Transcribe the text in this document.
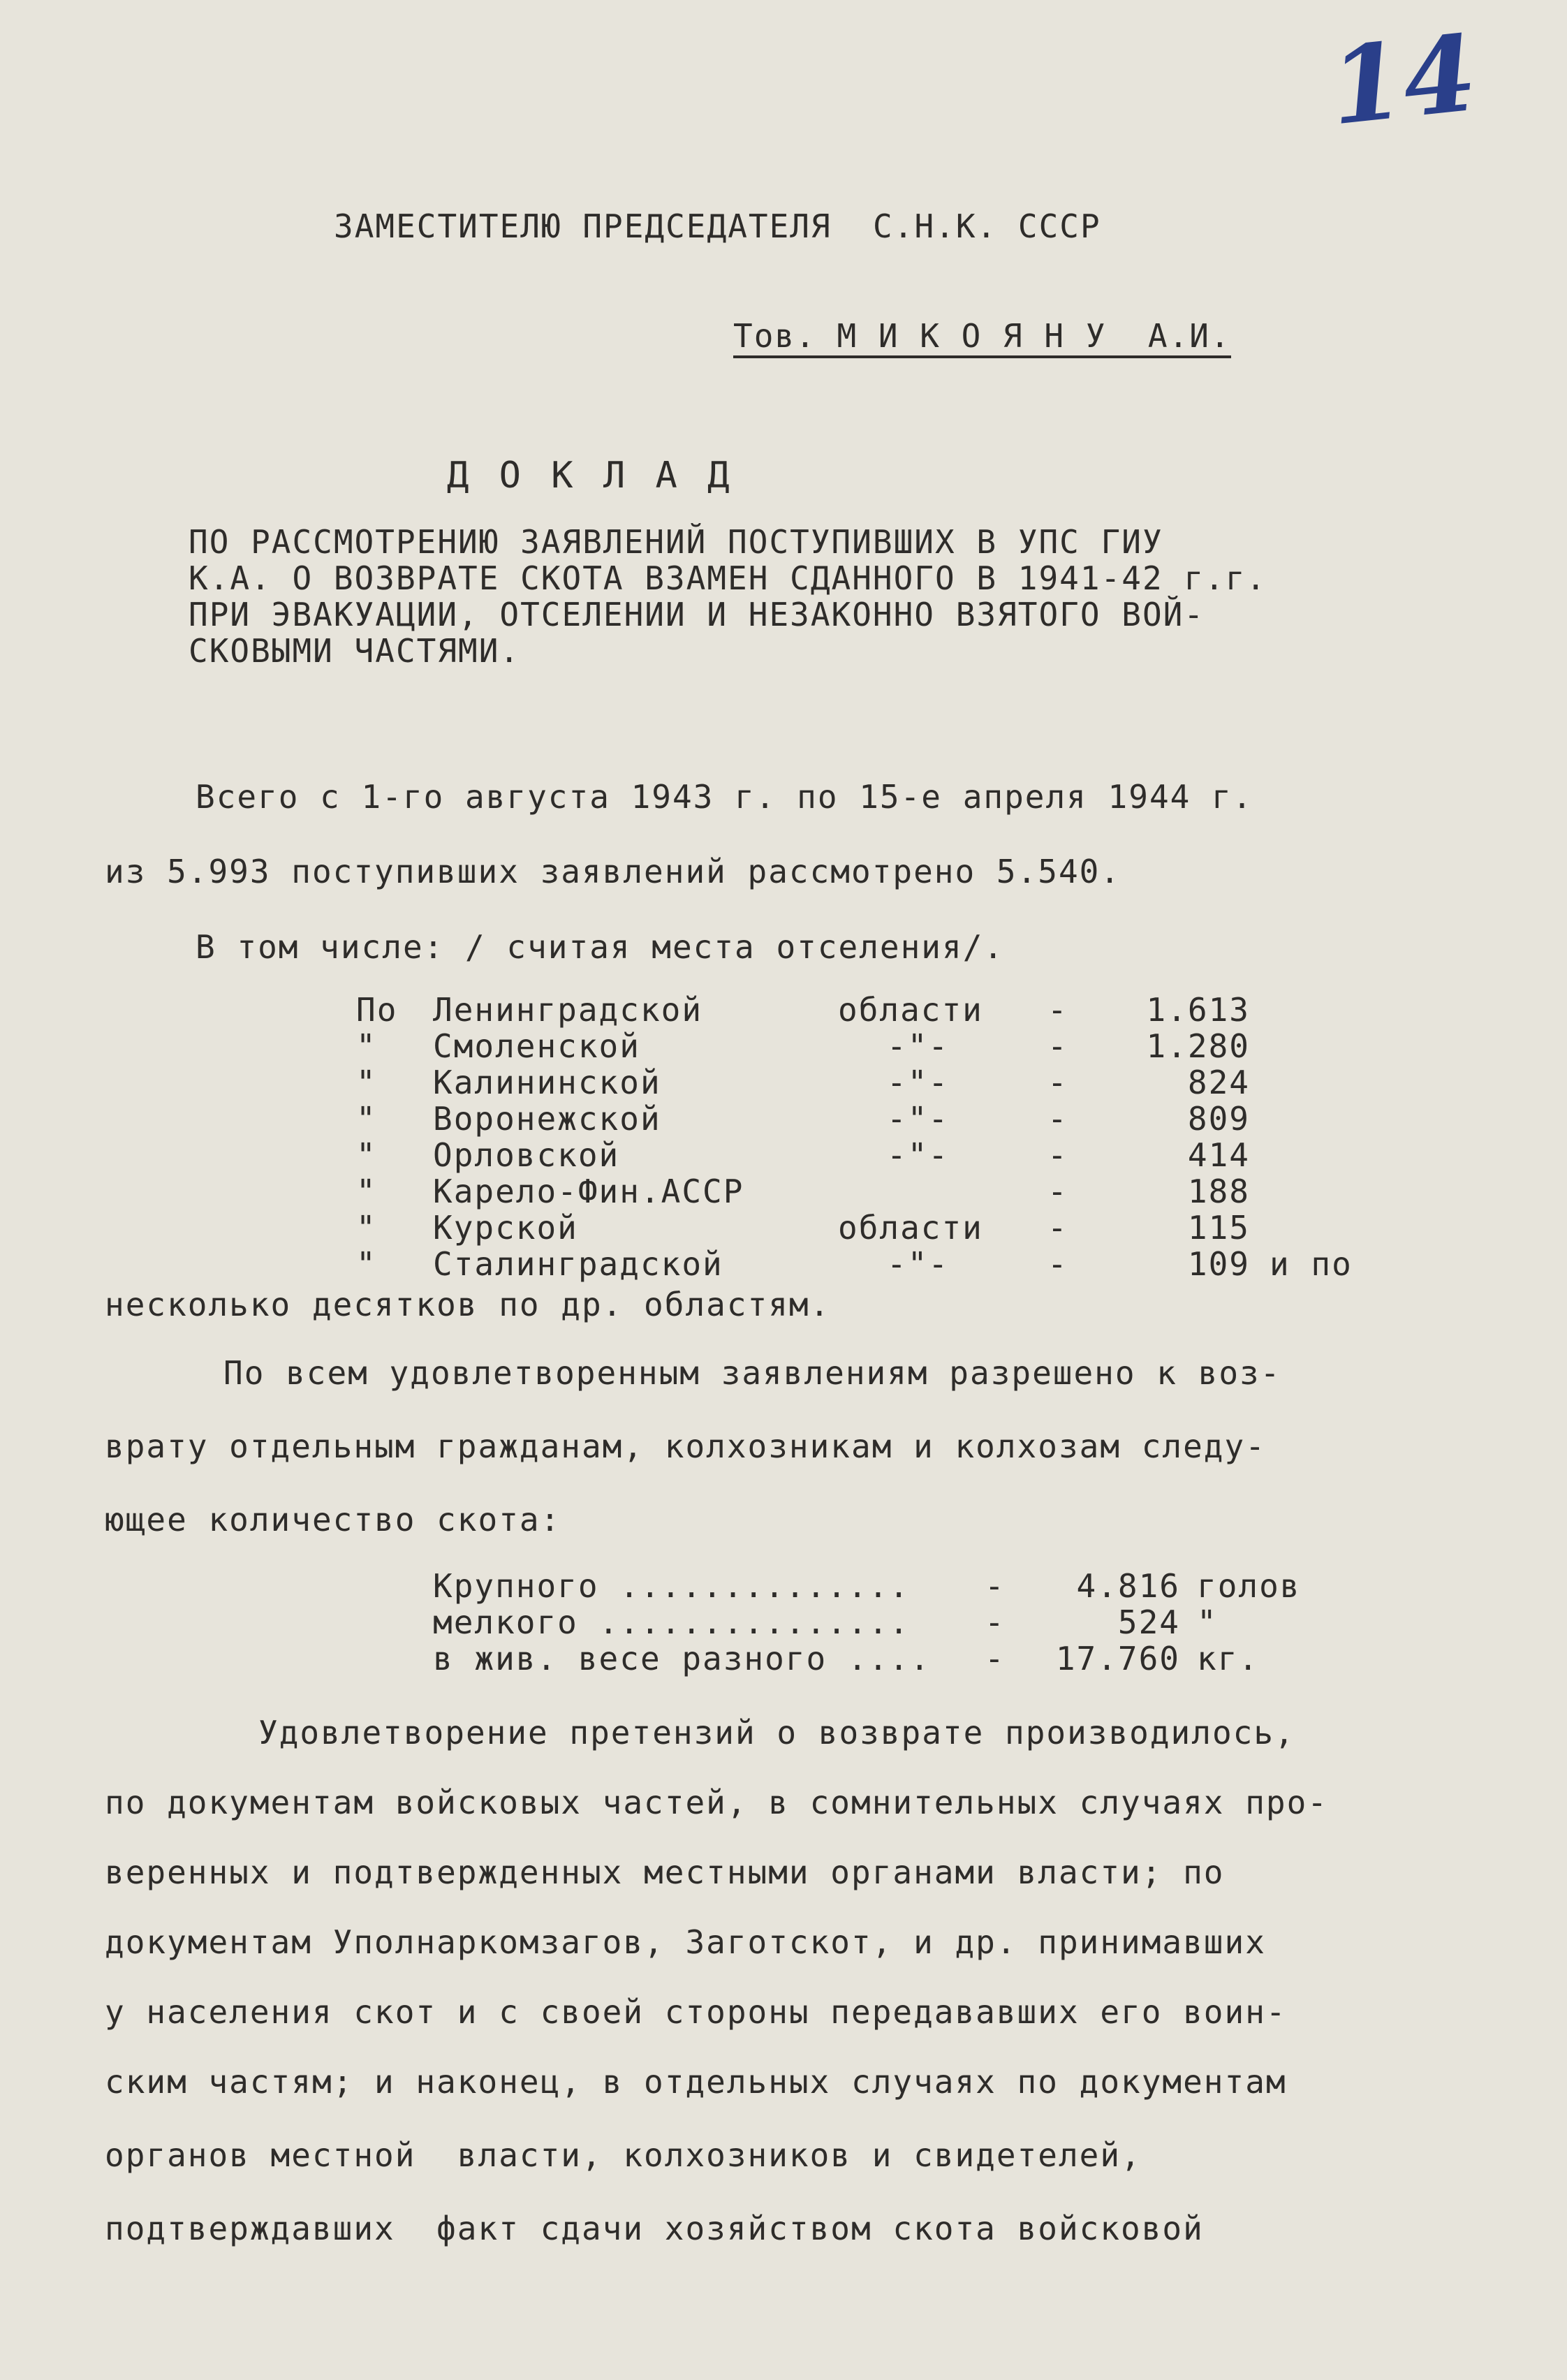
14
ЗАМЕСТИТЕЛЮ ПРЕДСЕДАТЕЛЯ  С.Н.К. СССР
Тов. М И К О Я Н У  А.И.
Д О К Л А Д
ПО РАССМОТРЕНИЮ ЗАЯВЛЕНИЙ ПОСТУПИВШИХ В УПС ГИУ
К.А. О ВОЗВРАТЕ СКОТА ВЗАМЕН СДАННОГО В 1941-42 г.г.
ПРИ ЭВАКУАЦИИ, ОТСЕЛЕНИИ И НЕЗАКОННО ВЗЯТОГО ВОЙ-
СКОВЫМИ ЧАСТЯМИ.
Всего с 1-го августа 1943 г. по 15-е апреля 1944 г.
из 5.993 поступивших заявлений рассмотрено 5.540.
В том числе: / считая места отселения/.
По	Ленинградской	области	-	1.613	
"	Смоленской	-"-	-	1.280	
"	Калининской	-"-	-	824	
"	Воронежской	-"-	-	809	
"	Орловской	-"-	-	414	
"	Карело-Фин.АССР		-	188	
"	Курской	области	-	115	
"	Сталинградской	-"-	-	109	и по
несколько десятков по др. областям.
По всем удовлетворенным заявлениям разрешено к воз-
врату отдельным гражданам, колхозникам и колхозам следу-
ющее количество скота:
Крупного ..............	-	4.816	голов
мелкого ...............	-	524	"
в жив. весе разного ....	-	17.760	кг.
Удовлетворение претензий о возврате производилось,
по документам войсковых частей, в сомнительных случаях про-
веренных и подтвержденных местными органами власти; по
документам Уполнаркомзагов, Заготскот, и др. принимавших
у населения скот и с своей стороны передававших его воин-
ским частям; и наконец, в отдельных случаях по документам
органов местной  власти, колхозников и свидетелей,
подтверждавших  факт сдачи хозяйством скота войсковой
